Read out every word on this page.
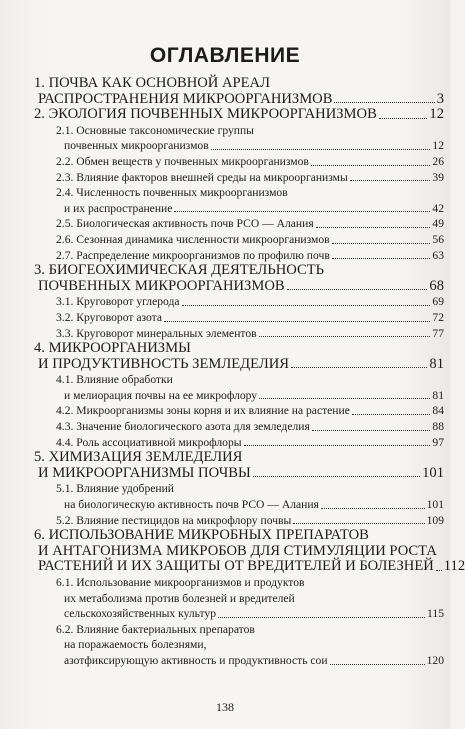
ОГЛАВЛЕНИЕ
1. ПОЧВА КАК ОСНОВНОЙ АРЕАЛ
РАСПРОСТРАНЕНИЯ МИКРООРГАНИЗМОВ	3
2. ЭКОЛОГИЯ ПОЧВЕННЫХ МИКРООРГАНИЗМОВ	12
2.1. Основные таксономические группы
почвенных микроорганизмов	12
2.2. Обмен веществ у почвенных микроорганизмов	26
2.3. Влияние факторов внешней среды на микроорганизмы	39
2.4. Численность почвенных микроорганизмов
и их распространение	42
2.5. Биологическая активность почв РСО — Алания	49
2.6. Сезонная динамика численности микроорганизмов	56
2.7. Распределение микроорганизмов по профилю почв	63
3. БИОГЕОХИМИЧЕСКАЯ ДЕЯТЕЛЬНОСТЬ
ПОЧВЕННЫХ МИКРООРГАНИЗМОВ	68
3.1. Круговорот углерода	69
3.2. Круговорот азота	72
3.3. Круговорот минеральных элементов	77
4. МИКРООРГАНИЗМЫ
И ПРОДУКТИВНОСТЬ ЗЕМЛЕДЕЛИЯ	81
4.1. Влияние обработки
и мелиорация почвы на ее микрофлору	81
4.2. Микроорганизмы зоны корня и их влияние на растение	84
4.3. Значение биологического азота для земледелия	88
4.4. Роль ассоциативной микрофлоры	97
5. ХИМИЗАЦИЯ ЗЕМЛЕДЕЛИЯ
И МИКРООРГАНИЗМЫ ПОЧВЫ	101
5.1. Влияние удобрений
на биологическую активность почв РСО — Алания	101
5.2. Влияние пестицидов на микрофлору почвы	109
6. ИСПОЛЬЗОВАНИЕ МИКРОБНЫХ ПРЕПАРАТОВ
И АНТАГОНИЗМА МИКРОБОВ ДЛЯ СТИМУЛЯЦИИ РОСТА
РАСТЕНИЙ И ИХ ЗАЩИТЫ ОТ ВРЕДИТЕЛЕЙ И БОЛЕЗНЕЙ 112
6.1. Использование микроорганизмов и продуктов
их метаболизма против болезней и вредителей
сельскохозяйственных культур	115
6.2. Влияние бактериальных препаратов
на поражаемость болезнями,
азотфиксирующую активность и продуктивность сои	120
138
